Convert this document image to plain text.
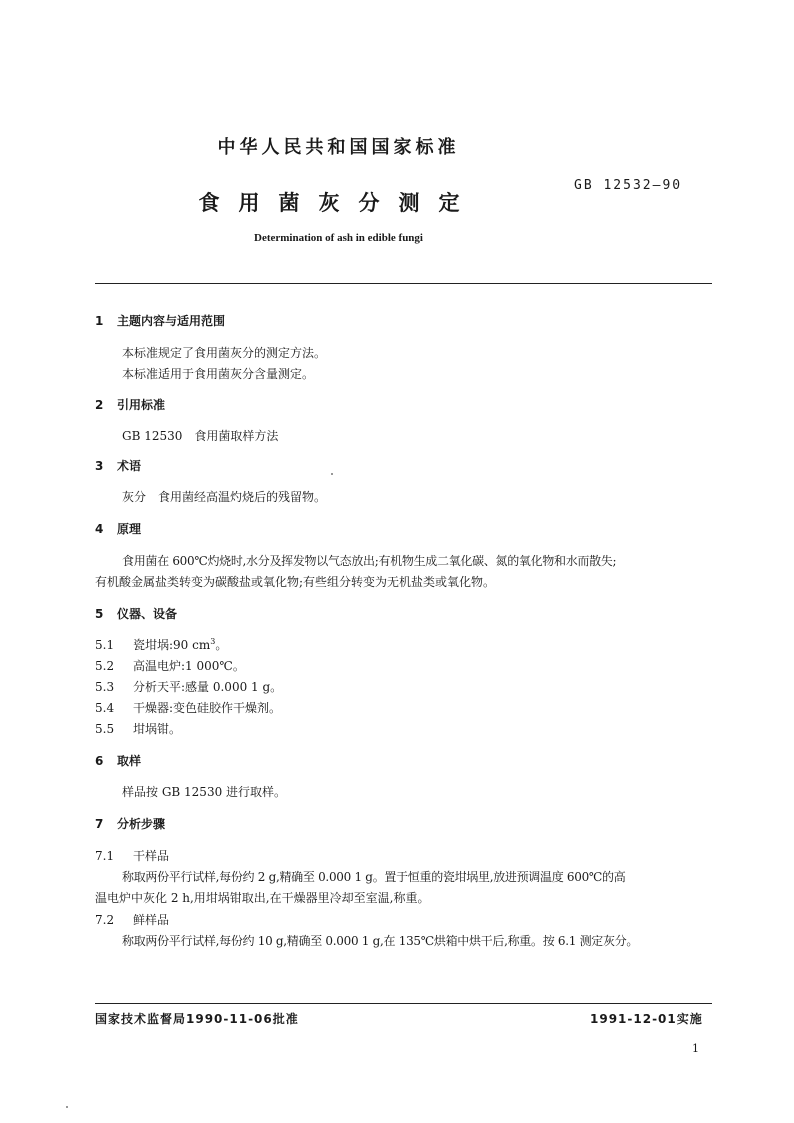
中华人民共和国国家标准
GB 12532—90
食用菌灰分测定
Determination of ash in edible fungi
1 主题内容与适用范围
本标准规定了食用菌灰分的测定方法。
本标准适用于食用菌灰分含量测定。
2 引用标准
GB 12530　食用菌取样方法
3 术语
灰分　食用菌经高温灼烧后的残留物。
4 原理
食用菌在 600℃灼烧时,水分及挥发物以气态放出;有机物生成二氧化碳、氮的氧化物和水而散失;
有机酸金属盐类转变为碳酸盐或氧化物;有些组分转变为无机盐类或氧化物。
5 仪器、设备
5.1 瓷坩埚:90 $cm^3$。
5.2 高温电炉:1 000℃。
5.3 分析天平:感量 0.000 1 g。
5.4 干燥器:变色硅胶作干燥剂。
5.5 坩埚钳。
6 取样
样品按 GB 12530 进行取样。
7 分析步骤
7.1 干样品
称取两份平行试样,每份约 2 g,精确至 0.000 1 g。置于恒重的瓷坩埚里,放进预调温度 600℃的高
温电炉中灰化 2 h,用坩埚钳取出,在干燥器里冷却至室温,称重。
7.2 鲜样品
称取两份平行试样,每份约 10 g,精确至 0.000 1 g,在 135℃烘箱中烘干后,称重。按 6.1 测定灰分。
国家技术监督局1990-11-06批准	1991-12-01实施
1
